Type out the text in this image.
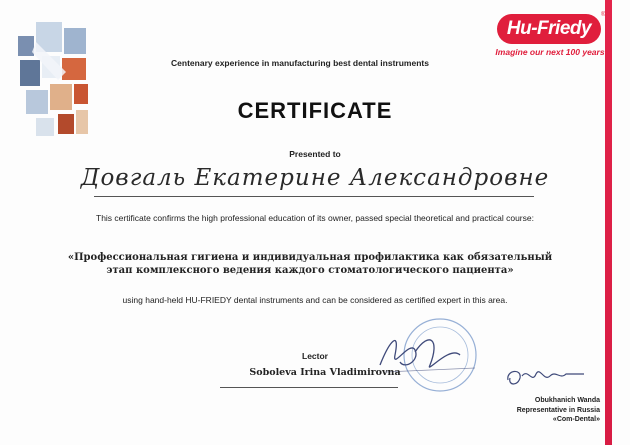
Hu-Friedy
®
Imagine our next 100 years
Centenary experience in manufacturing best dental instruments
CERTIFICATE
Presented to
Довгаль Екатерине Александровне
This certificate confirms the high professional education of its owner, passed special theoretical and practical course:
«Профессиональная гигиена и индивидуальная профилактика как обязательный
этап комплексного ведения каждого стоматологического пациента»
using hand-held HU-FRIEDY dental instruments and can be considered as certified expert in this area.
Lector
Soboleva Irina Vladimirovna
Obukhanich Wanda
Representative in Russia
«Com-Dental»
